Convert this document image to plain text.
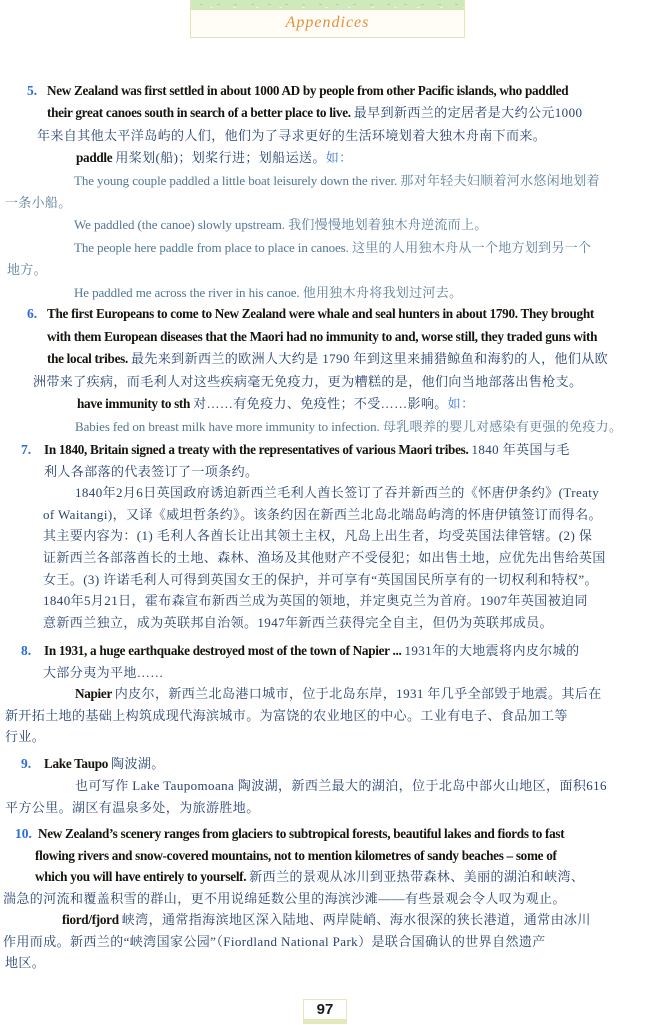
Appendices
5. New Zealand was first settled in about 1000 AD by people from other Pacific islands, who paddled
their great canoes south in search of a better place to live. 最早到新西兰的定居者是大约公元1000
年来自其他太平洋岛屿的人们，他们为了寻求更好的生活环境划着大独木舟南下而来。
paddle 用桨划(船)；划桨行进；划船运送。如：
The young couple paddled a little boat leisurely down the river. 那对年轻夫妇顺着河水悠闲地划着
一条小船。
We paddled (the canoe) slowly upstream. 我们慢慢地划着独木舟逆流而上。
The people here paddle from place to place in canoes. 这里的人用独木舟从一个地方划到另一个
地方。
He paddled me across the river in his canoe. 他用独木舟将我划过河去。
6. The first Europeans to come to New Zealand were whale and seal hunters in about 1790. They brought
with them European diseases that the Maori had no immunity to and, worse still, they traded guns with
the local tribes. 最先来到新西兰的欧洲人大约是 1790 年到这里来捕猎鲸鱼和海豹的人，他们从欧
洲带来了疾病，而毛利人对这些疾病毫无免疫力，更为糟糕的是，他们向当地部落出售枪支。
have immunity to sth 对……有免疫力、免疫性；不受……影响。如：
Babies fed on breast milk have more immunity to infection. 母乳喂养的婴儿对感染有更强的免疫力。
7. In 1840, Britain signed a treaty with the representatives of various Maori tribes. 1840 年英国与毛
利人各部落的代表签订了一项条约。
1840年2月6日英国政府诱迫新西兰毛利人酋长签订了吞并新西兰的《怀唐伊条约》(Treaty
of Waitangi)，又译《威坦哲条约》。该条约因在新西兰北岛北端岛屿湾的怀唐伊镇签订而得名。
其主要内容为：(1) 毛利人各酋长让出其领土主权，凡岛上出生者，均受英国法律管辖。(2) 保
证新西兰各部落酋长的土地、森林、渔场及其他财产不受侵犯；如出售土地，应优先出售给英国
女王。(3) 许诺毛利人可得到英国女王的保护，并可享有“英国国民所享有的一切权利和特权”。
1840年5月21日，霍布森宣布新西兰成为英国的领地，并定奥克兰为首府。1907年英国被迫同
意新西兰独立，成为英联邦自治领。1947年新西兰获得完全自主，但仍为英联邦成员。
8. In 1931, a huge earthquake destroyed most of the town of Napier ... 1931年的大地震将内皮尔城的
大部分夷为平地……
Napier 内皮尔，新西兰北岛港口城市，位于北岛东岸，1931 年几乎全部毁于地震。其后在
新开拓土地的基础上构筑成现代海滨城市。为富饶的农业地区的中心。工业有电子、食品加工等
行业。
9. Lake Taupo 陶波湖。
也可写作 Lake Taupomoana 陶波湖，新西兰最大的湖泊，位于北岛中部火山地区，面积616
平方公里。湖区有温泉多处，为旅游胜地。
10. New Zealand’s scenery ranges from glaciers to subtropical forests, beautiful lakes and fiords to fast
flowing rivers and snow-covered mountains, not to mention kilometres of sandy beaches – some of
which you will have entirely to yourself. 新西兰的景观从冰川到亚热带森林、美丽的湖泊和峡湾、
湍急的河流和覆盖积雪的群山，更不用说绵延数公里的海滨沙滩——有些景观会令人叹为观止。
fiord/fjord 峡湾，通常指海滨地区深入陆地、两岸陡峭、海水很深的狭长港道，通常由冰川
作用而成。新西兰的“峡湾国家公园”（Fiordland National Park）是联合国确认的世界自然遗产
地区。
97
